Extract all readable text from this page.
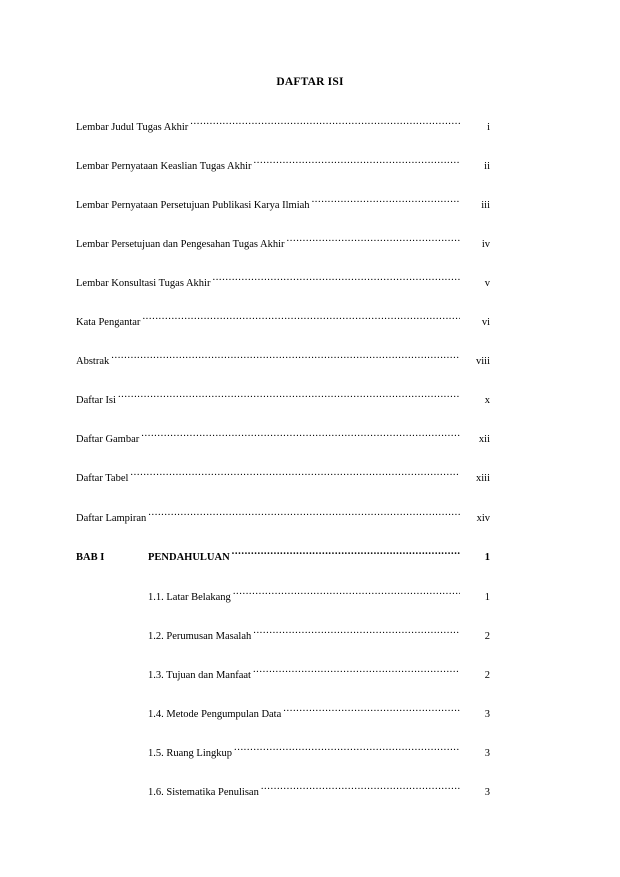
DAFTAR ISI
Lembar Judul Tugas Akhir .....	i
Lembar Pernyataan Keaslian Tugas Akhir .....	ii
Lembar Pernyataan Persetujuan Publikasi Karya Ilmiah .....	iii
Lembar Persetujuan dan Pengesahan Tugas Akhir .....	iv
Lembar Konsultasi Tugas Akhir .....	v
Kata Pengantar .....	vi
Abstrak .....	viii
Daftar Isi .....	x
Daftar Gambar .....	xii
Daftar Tabel .....	xiii
Daftar Lampiran .....	xiv
BAB I	PENDAHULUAN .....	1
1.1. Latar Belakang .....	1
1.2. Perumusan Masalah .....	2
1.3. Tujuan dan Manfaat .....	2
1.4. Metode Pengumpulan Data .....	3
1.5. Ruang Lingkup .....	3
1.6. Sistematika Penulisan .....	3
